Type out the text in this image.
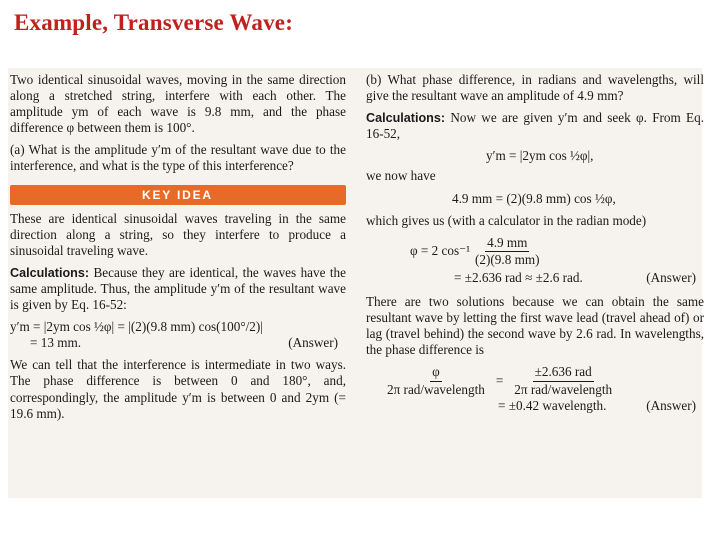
Example, Transverse Wave:

Two identical sinusoidal waves, moving in the same direction along a stretched string, interfere with each other. The amplitude ym of each wave is 9.8 mm, and the phase difference φ between them is 100°.

(a) What is the amplitude y′m of the resultant wave due to the interference, and what is the type of this interference?

KEY IDEA

These are identical sinusoidal waves traveling in the same direction along a string, so they interfere to produce a sinusoidal traveling wave.

Calculations: Because they are identical, the waves have the same amplitude. Thus, the amplitude y′m of the resultant wave is given by Eq. 16-52:

y′m = |2ym cos ½φ| = |(2)(9.8 mm) cos(100°/2)|
= 13 mm.	(Answer)

We can tell that the interference is intermediate in two ways. The phase difference is between 0 and 180°, and, correspondingly, the amplitude y′m is between 0 and 2ym (= 19.6 mm).

(b) What phase difference, in radians and wavelengths, will give the resultant wave an amplitude of 4.9 mm?

Calculations: Now we are given y′m and seek φ. From Eq. 16-52,

y′m = |2ym cos ½φ|,
we now have
4.9 mm = (2)(9.8 mm) cos ½φ,
which gives us (with a calculator in the radian mode)
φ = 2 $\cos^{-1} \frac{4.9 mm}{(2)(9.8 mm)}$
= ±2.636 rad ≈ ±2.6 rad.	(Answer)

There are two solutions because we can obtain the same resultant wave by letting the first wave lead (travel ahead of) or lag (travel behind) the second wave by 2.6 rad. In wavelengths, the phase difference is

$\frac{\varphi}{\text{2π rad/wavelength}} = \frac{\text{±2.636 rad}}{\text{2π rad/wavelength}}$
= ±0.42 wavelength.	(Answer)
